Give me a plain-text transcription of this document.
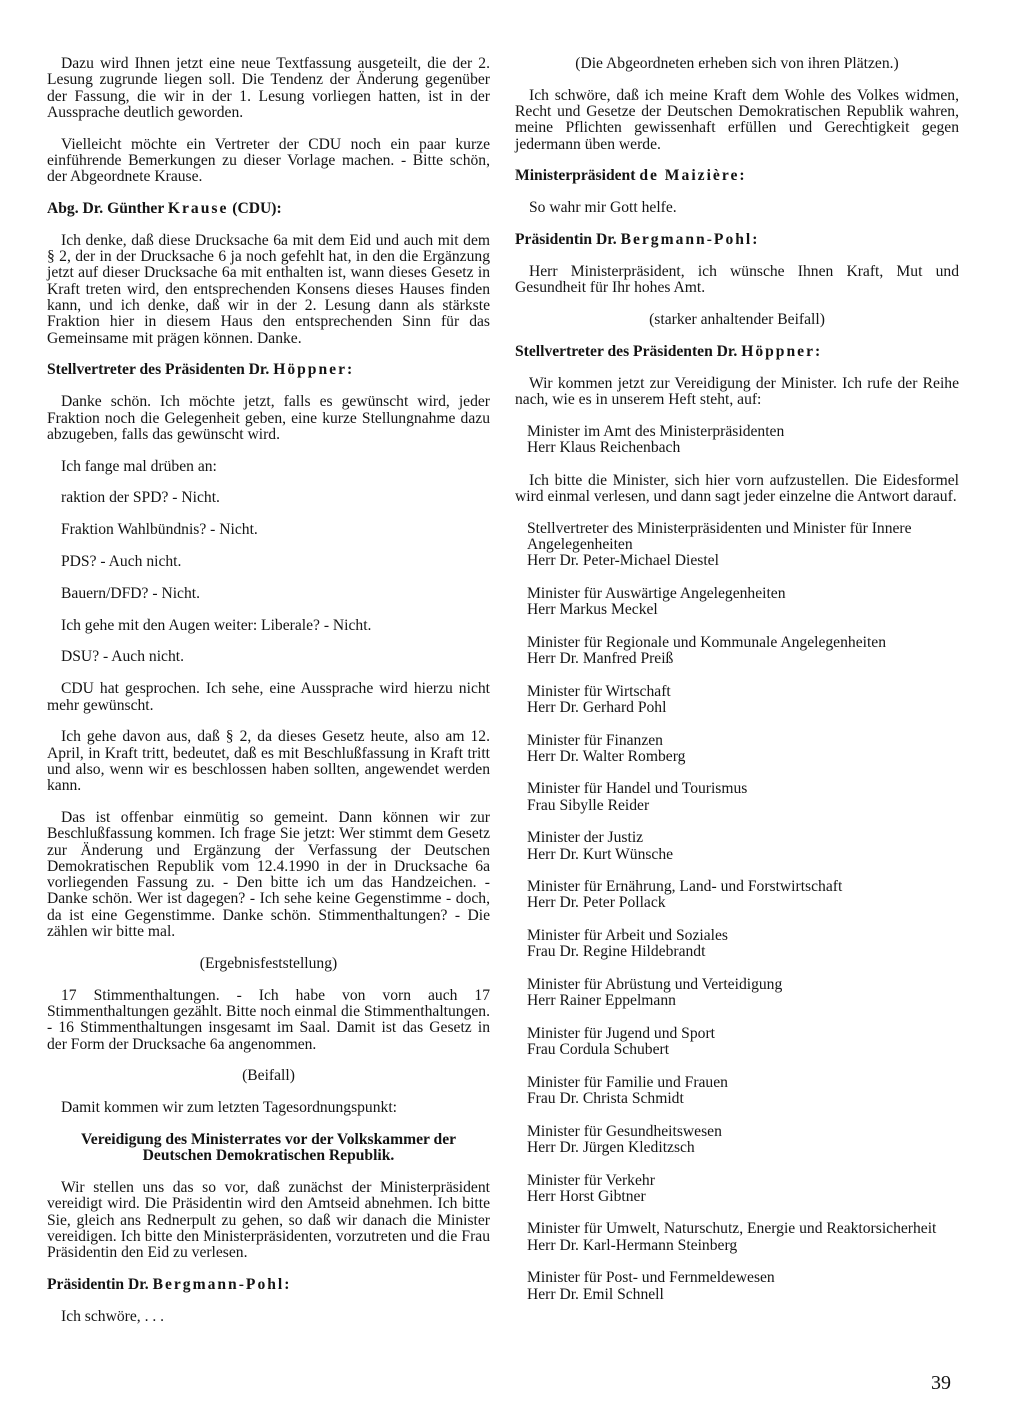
Dazu wird Ihnen jetzt eine neue Textfassung ausgeteilt, die der 2. Lesung zugrunde liegen soll. Die Tendenz der Änderung gegenüber der Fassung, die wir in der 1. Lesung vorliegen hatten, ist in der Aussprache deutlich geworden.

Vielleicht möchte ein Vertreter der CDU noch ein paar kurze einführende Bemerkungen zu dieser Vorlage machen. - Bitte schön, der Abgeordnete Krause.

Abg. Dr. Günther Krause (CDU):

Ich denke, daß diese Drucksache 6a mit dem Eid und auch mit dem § 2, der in der Drucksache 6 ja noch gefehlt hat, in den die Ergänzung jetzt auf dieser Drucksache 6a mit enthalten ist, wann dieses Gesetz in Kraft treten wird, den entsprechenden Konsens dieses Hauses finden kann, und ich denke, daß wir in der 2. Lesung dann als stärkste Fraktion hier in diesem Haus den entsprechenden Sinn für das Gemeinsame mit prägen können. Danke.

Stellvertreter des Präsidenten Dr. Höppner:

Danke schön. Ich möchte jetzt, falls es gewünscht wird, jeder Fraktion noch die Gelegenheit geben, eine kurze Stellungnahme dazu abzugeben, falls das gewünscht wird.

Ich fange mal drüben an:

raktion der SPD? - Nicht.

Fraktion Wahlbündnis? - Nicht.

PDS? - Auch nicht.

Bauern/DFD? - Nicht.

Ich gehe mit den Augen weiter: Liberale? - Nicht.

DSU? - Auch nicht.

CDU hat gesprochen. Ich sehe, eine Aussprache wird hierzu nicht mehr gewünscht.

Ich gehe davon aus, daß § 2, da dieses Gesetz heute, also am 12. April, in Kraft tritt, bedeutet, daß es mit Beschlußfassung in Kraft tritt und also, wenn wir es beschlossen haben sollten, angewendet werden kann.

Das ist offenbar einmütig so gemeint. Dann können wir zur Beschlußfassung kommen. Ich frage Sie jetzt: Wer stimmt dem Gesetz zur Änderung und Ergänzung der Verfassung der Deutschen Demokratischen Republik vom 12.4.1990 in der in Drucksache 6a vorliegenden Fassung zu. - Den bitte ich um das Handzeichen. - Danke schön. Wer ist dagegen? - Ich sehe keine Gegenstimme - doch, da ist eine Gegenstimme. Danke schön. Stimmenthaltungen? - Die zählen wir bitte mal.

(Ergebnisfeststellung)

17 Stimmenthaltungen. - Ich habe von vorn auch 17 Stimmenthaltungen gezählt. Bitte noch einmal die Stimmenthaltungen. - 16 Stimmenthaltungen insgesamt im Saal. Damit ist das Gesetz in der Form der Drucksache 6a angenommen.

(Beifall)

Damit kommen wir zum letzten Tagesordnungspunkt:

Vereidigung des Ministerrates vor der Volkskammer der Deutschen Demokratischen Republik.

Wir stellen uns das so vor, daß zunächst der Ministerpräsident vereidigt wird. Die Präsidentin wird den Amtseid abnehmen. Ich bitte Sie, gleich ans Rednerpult zu gehen, so daß wir danach die Minister vereidigen. Ich bitte den Ministerpräsidenten, vorzutreten und die Frau Präsidentin den Eid zu verlesen.

Präsidentin Dr. Bergmann-Pohl:

Ich schwöre, . . .

(Die Abgeordneten erheben sich von ihren Plätzen.)

Ich schwöre, daß ich meine Kraft dem Wohle des Volkes widmen, Recht und Gesetze der Deutschen Demokratischen Republik wahren, meine Pflichten gewissenhaft erfüllen und Gerechtigkeit gegen jedermann üben werde.

Ministerpräsident de Maizière:

So wahr mir Gott helfe.

Präsidentin Dr. Bergmann-Pohl:

Herr Ministerpräsident, ich wünsche Ihnen Kraft, Mut und Gesundheit für Ihr hohes Amt.

(starker anhaltender Beifall)

Stellvertreter des Präsidenten Dr. Höppner:

Wir kommen jetzt zur Vereidigung der Minister. Ich rufe der Reihe nach, wie es in unserem Heft steht, auf:

Minister im Amt des Ministerpräsidenten
Herr Klaus Reichenbach

Ich bitte die Minister, sich hier vorn aufzustellen. Die Eidesformel wird einmal verlesen, und dann sagt jeder einzelne die Antwort darauf.

Stellvertreter des Ministerpräsidenten und Minister für Innere Angelegenheiten
Herr Dr. Peter-Michael Diestel
Minister für Auswärtige Angelegenheiten
Herr Markus Meckel
Minister für Regionale und Kommunale Angelegenheiten
Herr Dr. Manfred Preiß
Minister für Wirtschaft
Herr Dr. Gerhard Pohl
Minister für Finanzen
Herr Dr. Walter Romberg
Minister für Handel und Tourismus
Frau Sibylle Reider
Minister der Justiz
Herr Dr. Kurt Wünsche
Minister für Ernährung, Land- und Forstwirtschaft
Herr Dr. Peter Pollack
Minister für Arbeit und Soziales
Frau Dr. Regine Hildebrandt
Minister für Abrüstung und Verteidigung
Herr Rainer Eppelmann
Minister für Jugend und Sport
Frau Cordula Schubert
Minister für Familie und Frauen
Frau Dr. Christa Schmidt
Minister für Gesundheitswesen
Herr Dr. Jürgen Kleditzsch
Minister für Verkehr
Herr Horst Gibtner
Minister für Umwelt, Naturschutz, Energie und Reaktorsicherheit
Herr Dr. Karl-Hermann Steinberg
Minister für Post- und Fernmeldewesen
Herr Dr. Emil Schnell
39
